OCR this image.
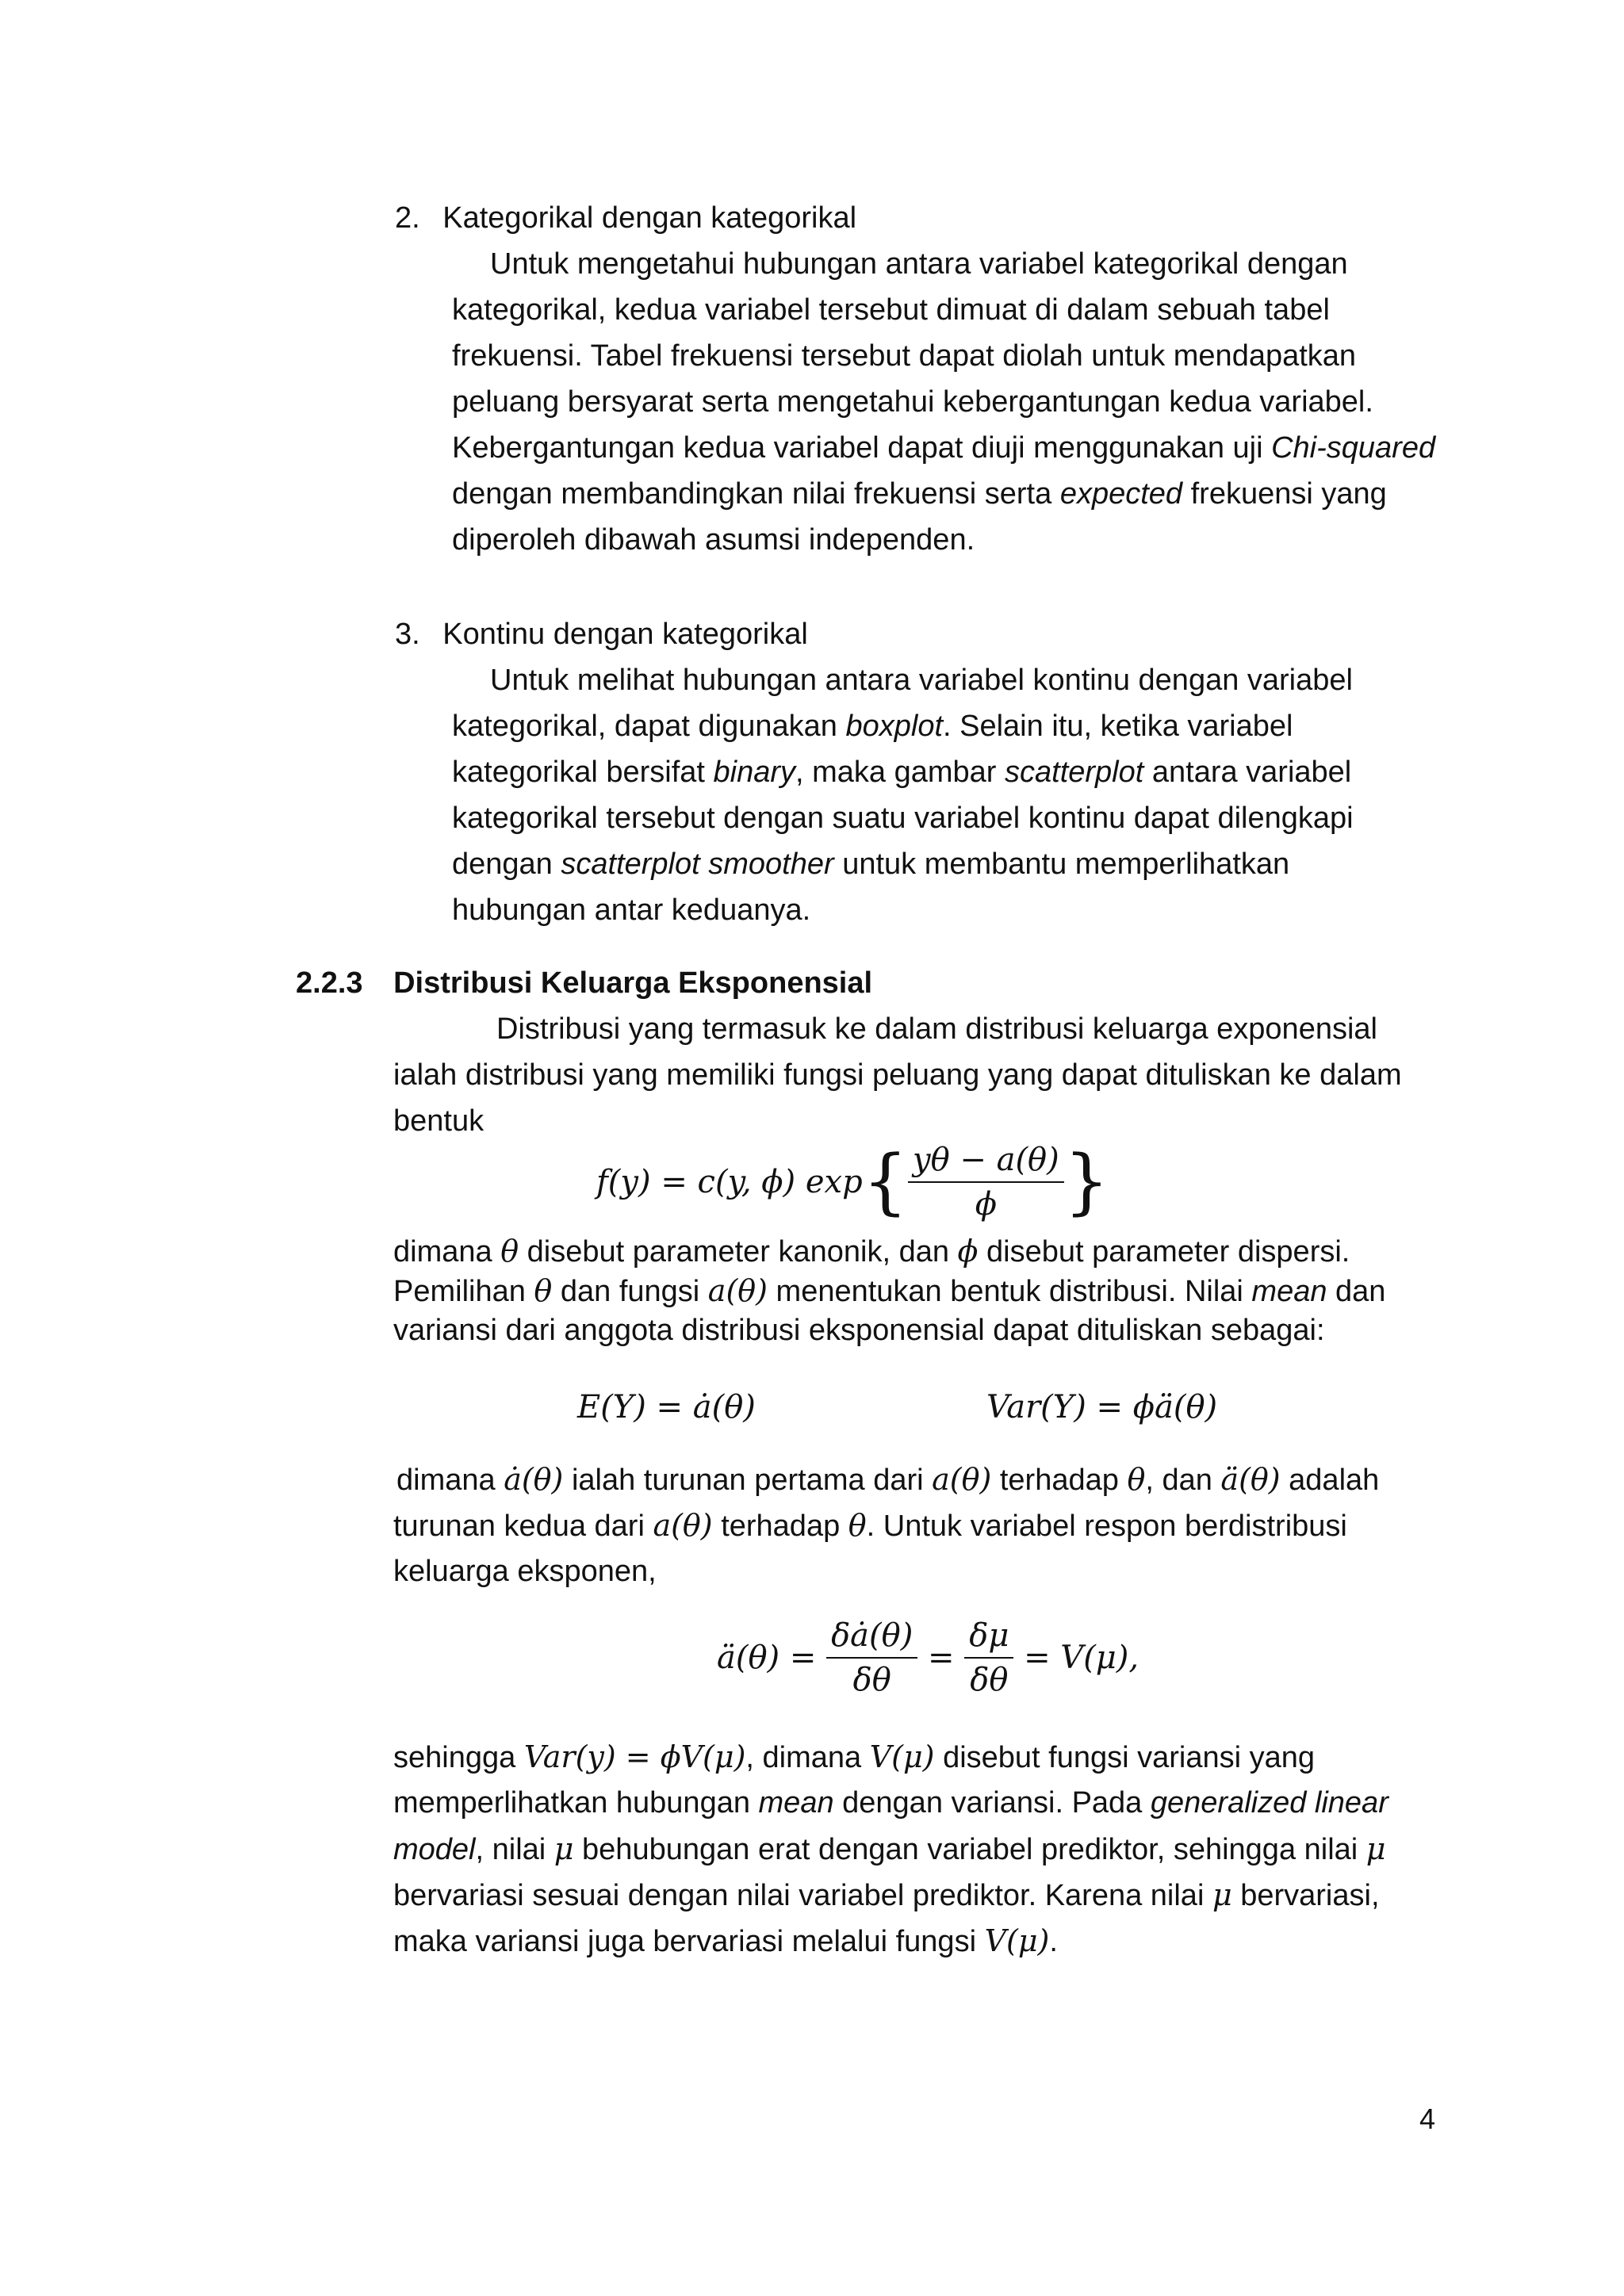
2. Kategorikal dengan kategorikal
Untuk mengetahui hubungan antara variabel kategorikal dengan
kategorikal, kedua variabel tersebut dimuat di dalam sebuah tabel
frekuensi. Tabel frekuensi tersebut dapat diolah untuk mendapatkan
peluang bersyarat serta mengetahui kebergantungan kedua variabel.
Kebergantungan kedua variabel dapat diuji menggunakan uji Chi-squared
dengan membandingkan nilai frekuensi serta expected frekuensi yang
diperoleh dibawah asumsi independen.
3. Kontinu dengan kategorikal
Untuk melihat hubungan antara variabel kontinu dengan variabel
kategorikal, dapat digunakan boxplot. Selain itu, ketika variabel
kategorikal bersifat binary, maka gambar scatterplot antara variabel
kategorikal tersebut dengan suatu variabel kontinu dapat dilengkapi
dengan scatterplot smoother untuk membantu memperlihatkan
hubungan antar keduanya.
2.2.3 Distribusi Keluarga Eksponensial
Distribusi yang termasuk ke dalam distribusi keluarga exponensial
ialah distribusi yang memiliki fungsi peluang yang dapat dituliskan ke dalam
bentuk
f(y) = c(y, ϕ) $\exp\{ \frac{y\theta - a(\theta)}{\phi}$ }
dimana θ disebut parameter kanonik, dan ϕ disebut parameter dispersi.
Pemilihan θ dan fungsi a(θ) menentukan bentuk distribusi. Nilai mean dan
variansi dari anggota distribusi eksponensial dapat dituliskan sebagai:
E(Y) = ȧ(θ)	Var(Y) = ϕä(θ)
dimana ȧ(θ) ialah turunan pertama dari a(θ) terhadap θ, dan ä(θ) adalah
turunan kedua dari a(θ) terhadap θ. Untuk variabel respon berdistribusi
keluarga eksponen,
ä(θ) = $\frac{\delta ȧ(\theta)}{\delta\theta} = \frac{\delta\mu}{\delta\theta} = V(\mu)$,
sehingga Var(y) = ϕV(μ), dimana V(μ) disebut fungsi variansi yang
memperlihatkan hubungan mean dengan variansi. Pada generalized linear
model, nilai μ behubungan erat dengan variabel prediktor, sehingga nilai μ
bervariasi sesuai dengan nilai variabel prediktor. Karena nilai μ bervariasi,
maka variansi juga bervariasi melalui fungsi V(μ).
4
